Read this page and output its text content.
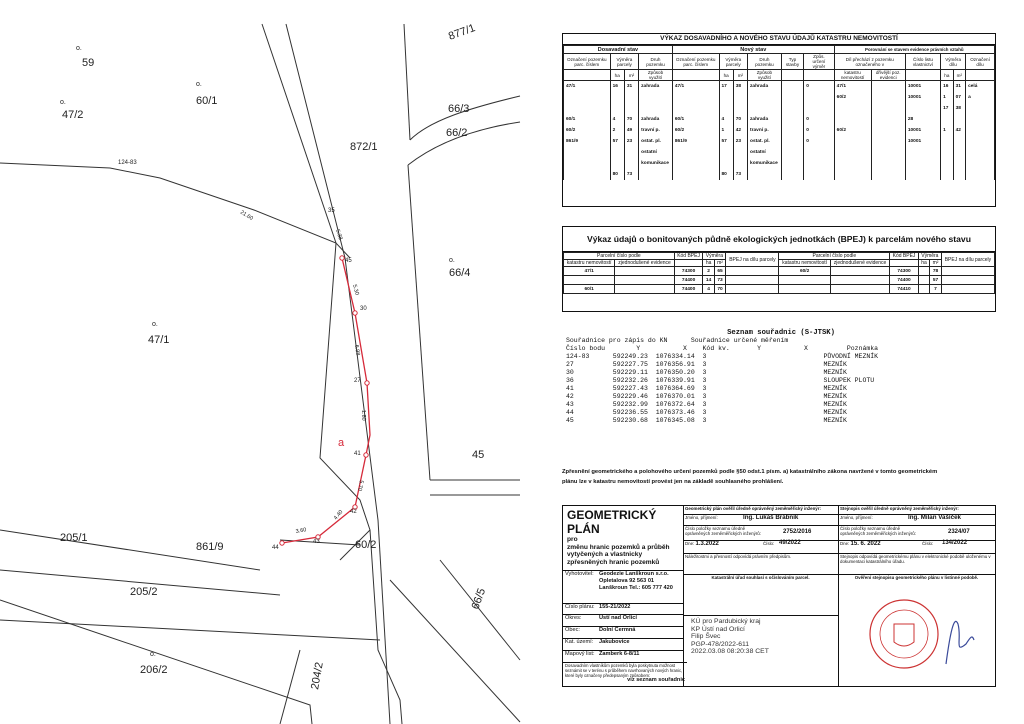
o.
59
o.
60/1
o.
47/2
877/1
66/3
66/2
872/1
o.
66/4
o.
47/1
45
205/1
861/9	60/2
205/2	66/5
o.
206/2	204/2
a
124-83
35
45
30
27
41
42
43
44
21.60
5.38
5.30
6.98
1.80
5.70
4.40
3.60
VÝKAZ DOSAVADNÍHO A NOVÉHO STAVU ÚDAJŮ KATASTRU NEMOVITOSTÍ
Dosavadní stav				Nový stav						Porovnání se stavem evidence právních vztahů					
Označení pozemku parc. číslem	Výměra parcely		Druh pozemku	Označení pozemku parc. číslem	Výměra parcely		Druh pozemku	Typ stavby	Způs. určení výměr	Díl přechází z pozemku označeného v		Číslo listu vlastnictví	Výměra dílu		Označení dílu
	ha	m²	Způsob využití		ha	m²	Způsob využití			katastru nemovitostí	dřívější poz. evidenci		ha	m²	
47/1	16	31	zahrada	47/1	17	38	zahrada		0	47/1		10001	16	31	celá
										60/2		10001	1	07	a
													17	38	
60/1	4	70	zahrada	60/1	4	70	zahrada		0			28			
60/2	2	49	travní p.	60/2	1	42	travní p.		0	60/2		10001	1	42	
861/9	57	23	ostat. pl.	861/9	57	23	ostat. pl.		0			10001			
			ostatní				ostatní								
			komunikace				komunikace								
	80	73			80	73									
Výkaz údajů o bonitovaných půdně ekologických jednotkách (BPEJ) k parcelám nového stavu
Parcelní číslo podle		Kód BPEJ	Výměra		BPEJ na dílu parcely	Parcelní číslo podle		Kód BPEJ	Výměra		BPEJ na dílu parcely
katastru nemovitostí	zjednodušené evidence		ha	m²		katastru nemovitostí	zjednodušené evidence		ha	m²	

47/1		74300	2	65		60/2		74300		78	
		74400	14	73				74400		57	
60/1		74400	4	70				74410		7	
Seznam souřadnic (S-JTSK)
Souřadnice pro zápis do KN      Souřadnice určené měřením
Číslo bodu        Y           X    Kód kv.       Y           X          Poznámka
124-83      592249.23  1076334.14  3                              PŮVODNÍ MEZNÍK
27          592227.75  1076356.91  3                              MEZNÍK
30          592229.11  1076350.20  3                              MEZNÍK
36          592232.26  1076339.91  3                              SLOUPEK PLOTU
41          592227.43  1076364.69  3                              MEZNÍK
42          592229.46  1076370.01  3                              MEZNÍK
43          592232.99  1076372.64  3                              MEZNÍK
44          592236.55  1076373.46  3                              MEZNÍK
45          592230.68  1076345.08  3                              MEZNÍK
Zpřesnění geometrického a polohového určení pozemků podle §50 odst.1 písm. a) katastrálního zákona navržené v tomto geometrickém
plánu lze v katastru nemovitostí provést jen na základě souhlasného prohlášení.
GEOMETRICKÝ PLÁN
pro
změnu hranic pozemků a průběh vytyčených a vlastnicky zpřesněných hranic pozemků
Vyhotovitel: Geodezie Lanškroun s.r.o. Opletalova 92 563 01 Lanškroun Tel.: 605 777 420
Číslo plánu: 155-21/2022
Okres:	Ústí nad Orlicí
Obec:	Dolní Čermná
Kat. území: Jakubovice
Mapový list: Žamberk 6-8/11
Dosavadním vlastníkům pozemků byla poskytnuta možnost seznámit se v terénu s průběhem navrhovaných nových hranic, které byly označeny předepsaným způsobem:
viz seznam souřadnic
Geometrický plán ověřil úředně oprávněný zeměměřický inženýr:
Jméno, příjmení:	Ing. Lukáš Brábník
Číslo položky seznamu úředně oprávněných zeměměřických inženýrů:	2752/2016
Dne: 1.3.2022	Číslo: 49/2022
Náležitostmi a přesností odpovídá právním předpisům.
Katastrální úřad souhlasí s očíslováním parcel.
KÚ pro Pardubický kraj
KP Ústí nad Orlicí
Filip Švec
PGP-478/2022-611
2022.03.08 08:20:38 CET
Stejnopis ověřil úředně oprávněný zeměměřický inženýr:
Jméno, příjmení:	Ing. Milan Vašíček
Číslo položky seznamu úředně oprávněných zeměměřických inženýrů:	2324/07
Dne: 15. 6. 2022	Číslo: 134/2022
Stejnopis odpovídá geometrickému plánu v elektronické podobě uloženému v dokumentaci katastrálního úřadu.
Ověření stejnopisu geometrického plánu v listinné podobě.
